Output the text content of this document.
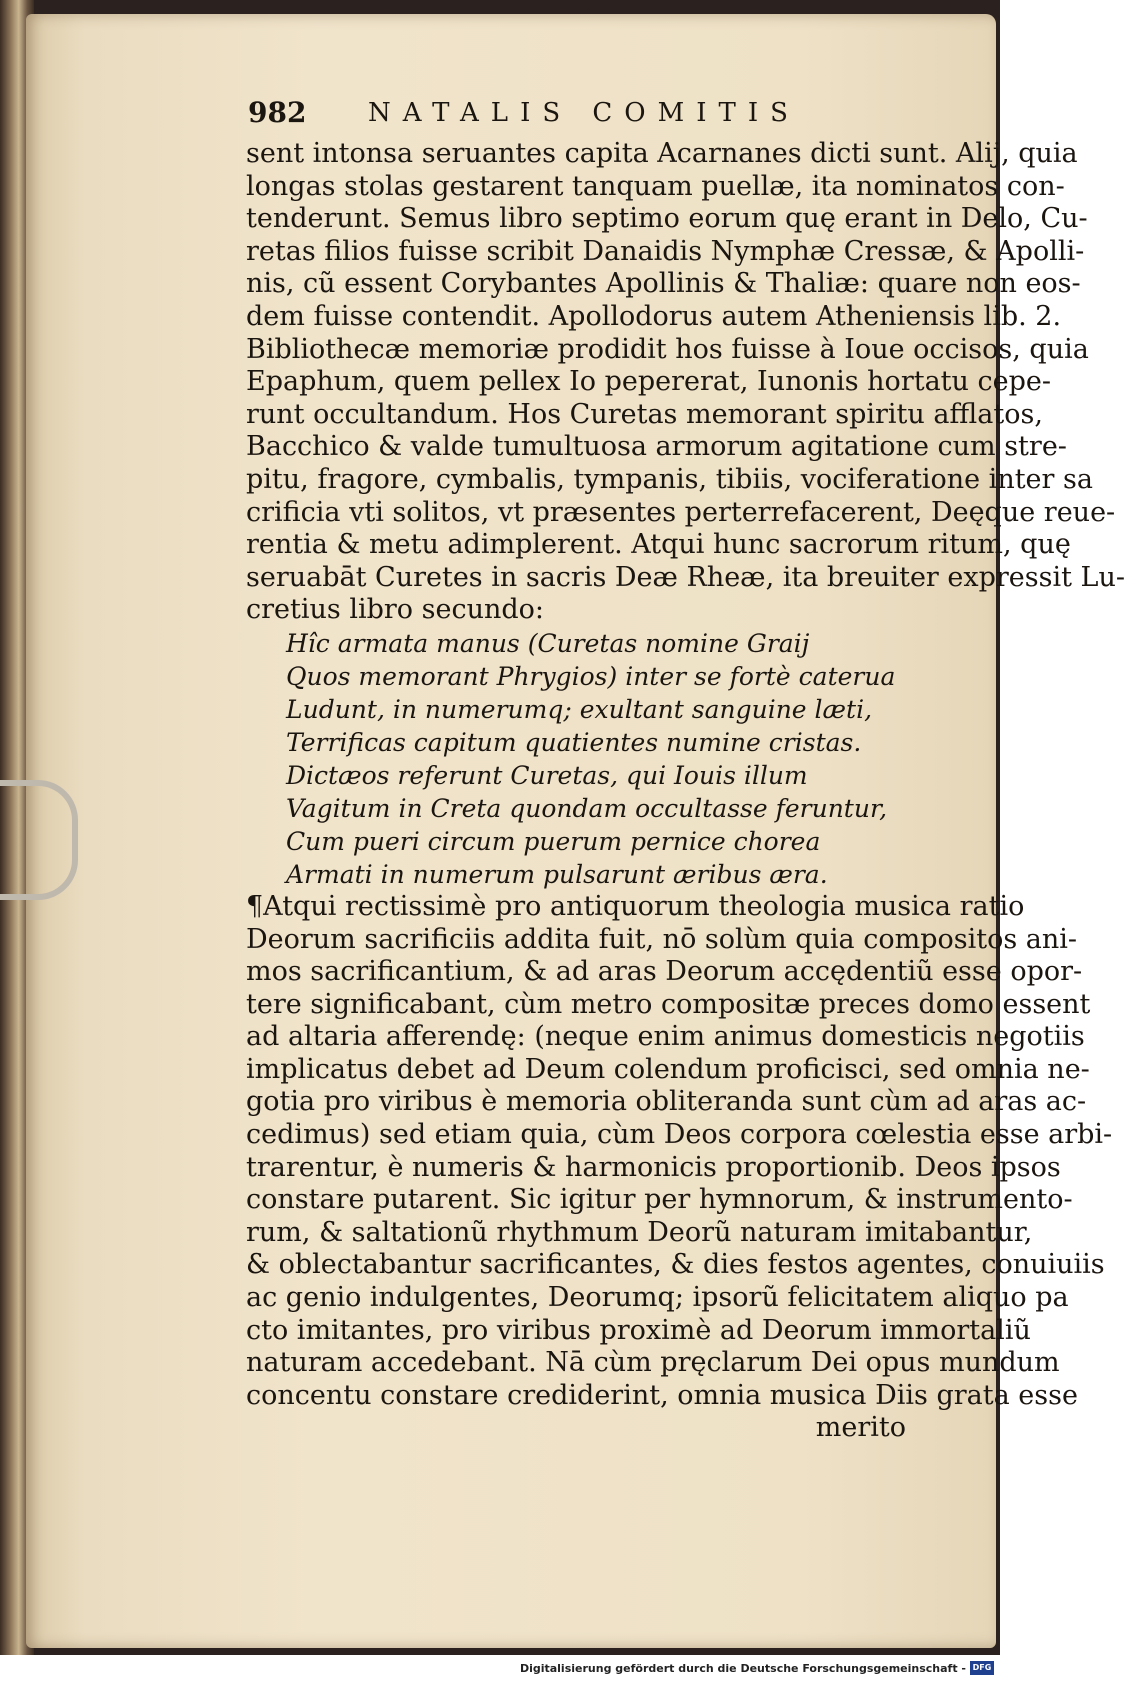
982 NATALIS COMITIS
sent intonsa seruantes capita Acarnanes dicti sunt. Alij, quia
longas stolas gestarent tanquam puellæ, ita nominatos con-
tenderunt. Semus libro septimo eorum quę erant in Delo, Cu-
retas filios fuisse scribit Danaidis Nymphæ Cressæ, & Apolli-
nis, cũ essent Corybantes Apollinis & Thaliæ: quare non eos-
dem fuisse contendit. Apollodorus autem Atheniensis lib. 2.
Bibliothecæ memoriæ prodidit hos fuisse à Ioue occisos, quia
Epaphum, quem pellex Io pepererat, Iunonis hortatu cepe-
runt occultandum. Hos Curetas memorant spiritu afflatos,
Bacchico & valde tumultuosa armorum agitatione cum stre-
pitu, fragore, cymbalis, tympanis, tibiis, vociferatione inter sa
crificia vti solitos, vt præsentes perterrefacerent, Deęque reue-
rentia & metu adimplerent. Atqui hunc sacrorum ritum, quę
seruabāt Curetes in sacris Deæ Rheæ, ita breuiter expressit Lu-
cretius libro secundo:
Hîc armata manus (Curetas nomine Graij
Quos memorant Phrygios) inter se fortè caterua
Ludunt, in numerumq; exultant sanguine læti,
Terrificas capitum quatientes numine cristas.
Dictæos referunt Curetas, qui Iouis illum
Vagitum in Creta quondam occultasse feruntur,
Cum pueri circum puerum pernice chorea
Armati in numerum pulsarunt æribus æra.
¶Atqui rectissimè pro antiquorum theologia musica ratio
Deorum sacrificiis addita fuit, nō solùm quia compositos ani-
mos sacrificantium, & ad aras Deorum accędentiũ esse opor-
tere significabant, cùm metro compositæ preces domo essent
ad altaria afferendę: (neque enim animus domesticis negotiis
implicatus debet ad Deum colendum proficisci, sed omnia ne-
gotia pro viribus è memoria obliteranda sunt cùm ad aras ac-
cedimus) sed etiam quia, cùm Deos corpora cœlestia esse arbi-
trarentur, è numeris & harmonicis proportionib. Deos ipsos
constare putarent. Sic igitur per hymnorum, & instrumento-
rum, & saltationũ rhythmum Deorũ naturam imitabantur,
& oblectabantur sacrificantes, & dies festos agentes, conuiuiis
ac genio indulgentes, Deorumq; ipsorũ felicitatem aliquo pa
cto imitantes, pro viribus proximè ad Deorum immortaliũ
naturam accedebant. Nā cùm pręclarum Dei opus mundum
concentu constare crediderint, omnia musica Diis grata esse
merito
Digitalisierung gefördert durch die Deutsche Forschungsgemeinschaft - DFG
